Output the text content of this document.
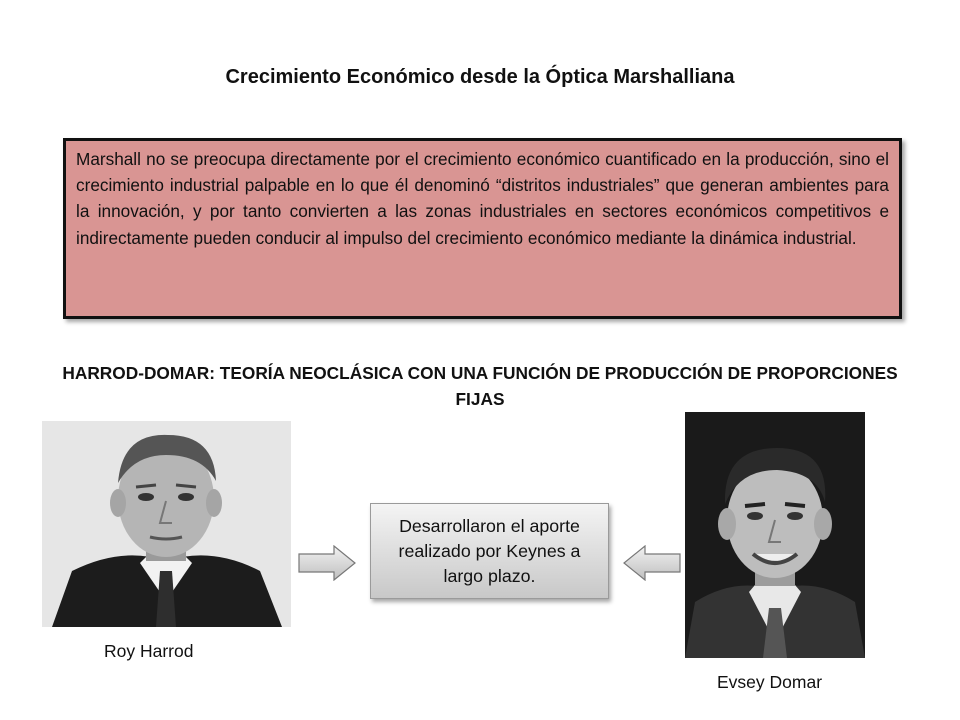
Crecimiento Económico desde la Óptica Marshalliana
Marshall no se preocupa directamente por el crecimiento económico cuantificado en la producción, sino el crecimiento industrial palpable en lo que él denominó “distritos industriales” que generan ambientes para la innovación, y por tanto convierten a las zonas industriales en sectores económicos competitivos e indirectamente pueden conducir al impulso del crecimiento económico mediante la dinámica industrial.
HARROD-DOMAR: TEORÍA NEOCLÁSICA CON UNA FUNCIÓN DE PRODUCCIÓN DE PROPORCIONES FIJAS
Roy Harrod
Evsey Domar
Desarrollaron el aporte realizado por Keynes a largo plazo.
